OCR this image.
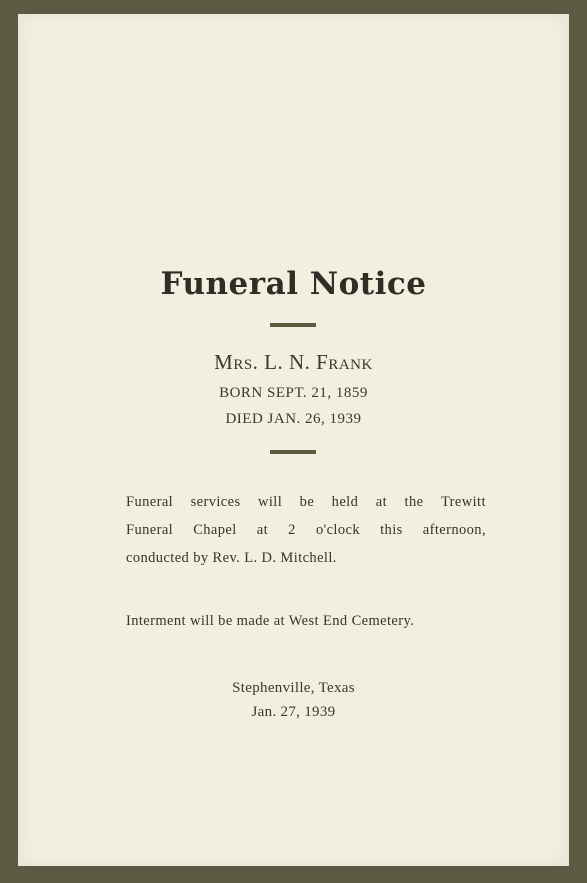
Funeral Notice
Mrs. L. N. Frank
BORN SEPT. 21, 1859
DIED JAN. 26, 1939
Funeral services will be held at the Trewitt
Funeral Chapel at 2 o'clock this afternoon,
conducted by Rev. L. D. Mitchell.
Interment will be made at West End Cemetery.
Stephenville, Texas
Jan. 27, 1939
